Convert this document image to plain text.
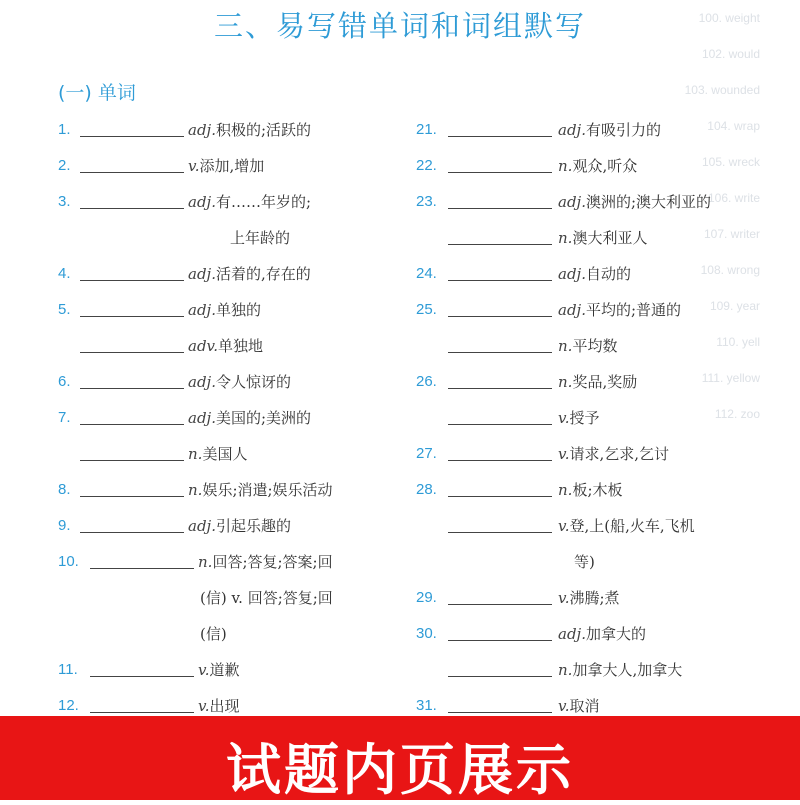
100. weight
102. would
103. wounded
104. wrap
105. wreck
106. write
107. writer
108. wrong
109. year
110. yell
111. yellow
112. zoo
三、易写错单词和词组默写
(一) 单词
1.	adj.积极的;活跃的
2.	v.添加,增加
3.	adj.有……年岁的;
上年龄的
4.	adj.活着的,存在的
5.	adj.单独的
adv.单独地
6.	adj.令人惊讶的
7.	adj.美国的;美洲的
n.美国人
8.	n.娱乐;消遣;娱乐活动
9.	adj.引起乐趣的
10.	n.回答;答复;答案;回
(信) v. 回答;答复;回
(信)
11.	v.道歉
12.	v.出现
21.	adj.有吸引力的
22.	n.观众,听众
23.	adj.澳洲的;澳大利亚的
n.澳大利亚人
24.	adj.自动的
25.	adj.平均的;普通的
n.平均数
26.	n.奖品,奖励
v.授予
27.	v.请求,乞求,乞讨
28.	n.板;木板
v.登,上(船,火车,飞机
等)
29.	v.沸腾;煮
30.	adj.加拿大的
n.加拿大人,加拿大
31.	v.取消
试题内页展示
